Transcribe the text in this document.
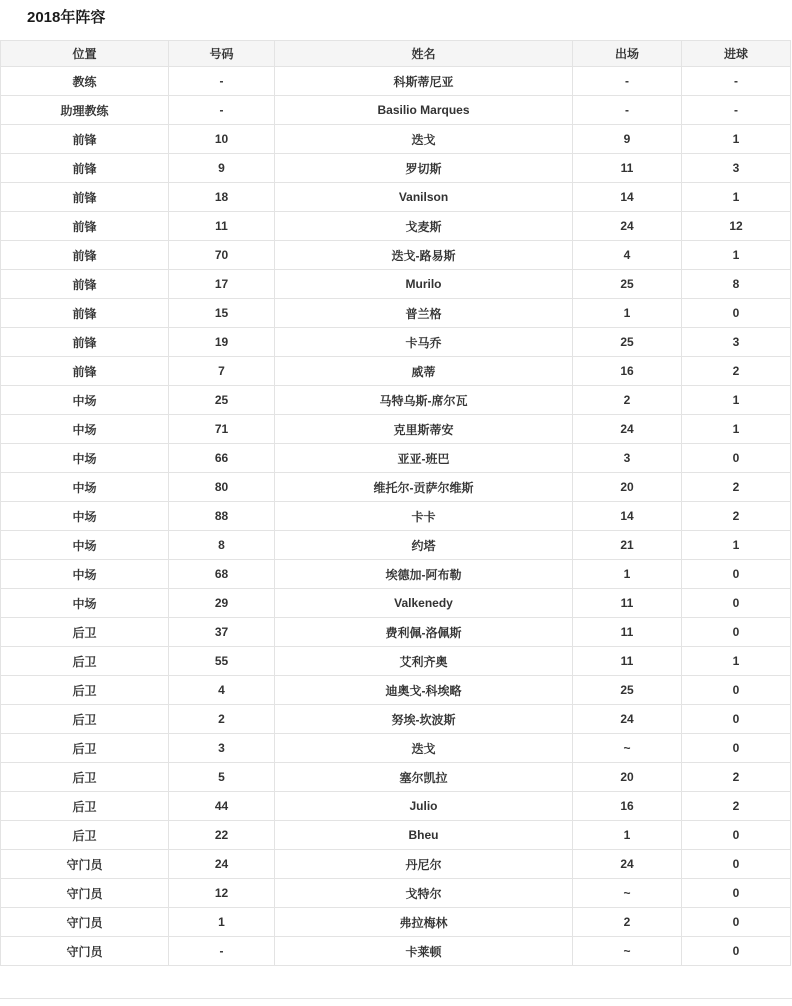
2018年阵容
位置	号码	姓名	出场	进球
教练	-	科斯蒂尼亚	-	-
助理教练	-	Basilio Marques	-	-
前锋	10	迭戈	9	1
前锋	9	罗切斯	11	3
前锋	18	Vanilson	14	1
前锋	11	戈麦斯	24	12
前锋	70	迭戈-路易斯	4	1
前锋	17	Murilo	25	8
前锋	15	普兰格	1	0
前锋	19	卡马乔	25	3
前锋	7	威蒂	16	2
中场	25	马特乌斯-席尔瓦	2	1
中场	71	克里斯蒂安	24	1
中场	66	亚亚-班巴	3	0
中场	80	维托尔-贡萨尔维斯	20	2
中场	88	卡卡	14	2
中场	8	约塔	21	1
中场	68	埃德加-阿布勒	1	0
中场	29	Valkenedy	11	0
后卫	37	费利佩-洛佩斯	11	0
后卫	55	艾利齐奥	11	1
后卫	4	迪奥戈-科埃略	25	0
后卫	2	努埃-坎波斯	24	0
后卫	3	迭戈	~	0
后卫	5	塞尔凯拉	20	2
后卫	44	Julio	16	2
后卫	22	Bheu	1	0
守门员	24	丹尼尔	24	0
守门员	12	戈特尔	~	0
守门员	1	弗拉梅林	2	0
守门员	-	卡莱顿	~	0
